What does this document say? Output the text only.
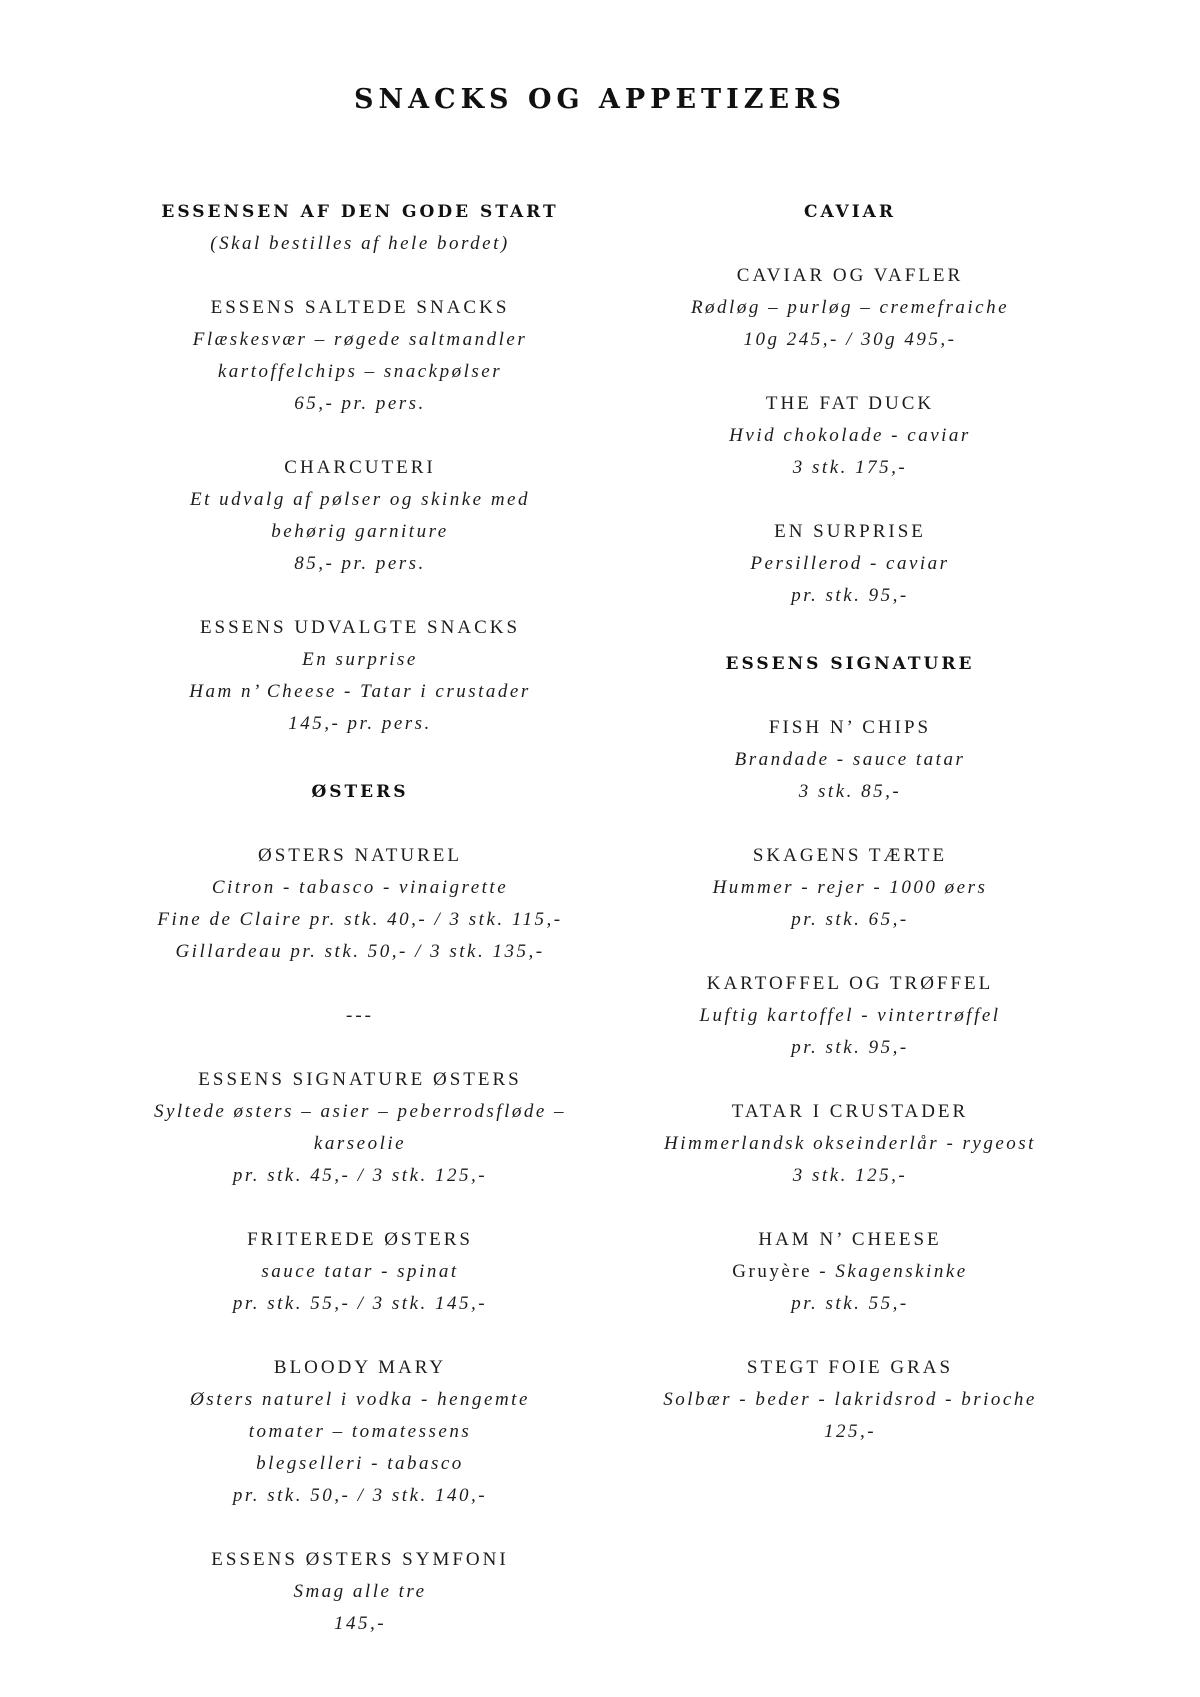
SNACKS OG APPETIZERS
ESSENSEN AF DEN GODE START
(Skal bestilles af hele bordet)
ESSENS SALTEDE SNACKS
Flæskesvær – røgede saltmandler
kartoffelchips – snackpølser
65,- pr. pers.
CHARCUTERI
Et udvalg af pølser og skinke med
behørig garniture
85,- pr. pers.
ESSENS UDVALGTE SNACKS
En surprise
Ham n’ Cheese - Tatar i crustader
145,- pr. pers.
ØSTERS
ØSTERS NATUREL
Citron - tabasco - vinaigrette
Fine de Claire pr. stk. 40,- / 3 stk. 115,-
Gillardeau pr. stk. 50,- / 3 stk. 135,-
---
ESSENS SIGNATURE ØSTERS
Syltede østers – asier – peberrodsfløde –
karseolie
pr. stk. 45,- / 3 stk. 125,-
FRITEREDE ØSTERS
sauce tatar - spinat
pr. stk. 55,- / 3 stk. 145,-
BLOODY MARY
Østers naturel i vodka - hengemte
tomater – tomatessens
blegselleri - tabasco
pr. stk. 50,- / 3 stk. 140,-
ESSENS ØSTERS SYMFONI
Smag alle tre
145,-
CAVIAR
CAVIAR OG VAFLER
Rødløg – purløg – cremefraiche
10g 245,- / 30g 495,-
THE FAT DUCK
Hvid chokolade - caviar
3 stk. 175,-
EN SURPRISE
Persillerod - caviar
pr. stk. 95,-
ESSENS SIGNATURE
FISH N’ CHIPS
Brandade - sauce tatar
3 stk. 85,-
SKAGENS TÆRTE
Hummer - rejer - 1000 øers
pr. stk. 65,-
KARTOFFEL OG TRØFFEL
Luftig kartoffel - vintertrøffel
pr. stk. 95,-
TATAR I CRUSTADER
Himmerlandsk okseinderlår - rygeost
3 stk. 125,-
HAM N’ CHEESE
Gruyère - Skagenskinke
pr. stk. 55,-
STEGT FOIE GRAS
Solbær - beder - lakridsrod - brioche
125,-
